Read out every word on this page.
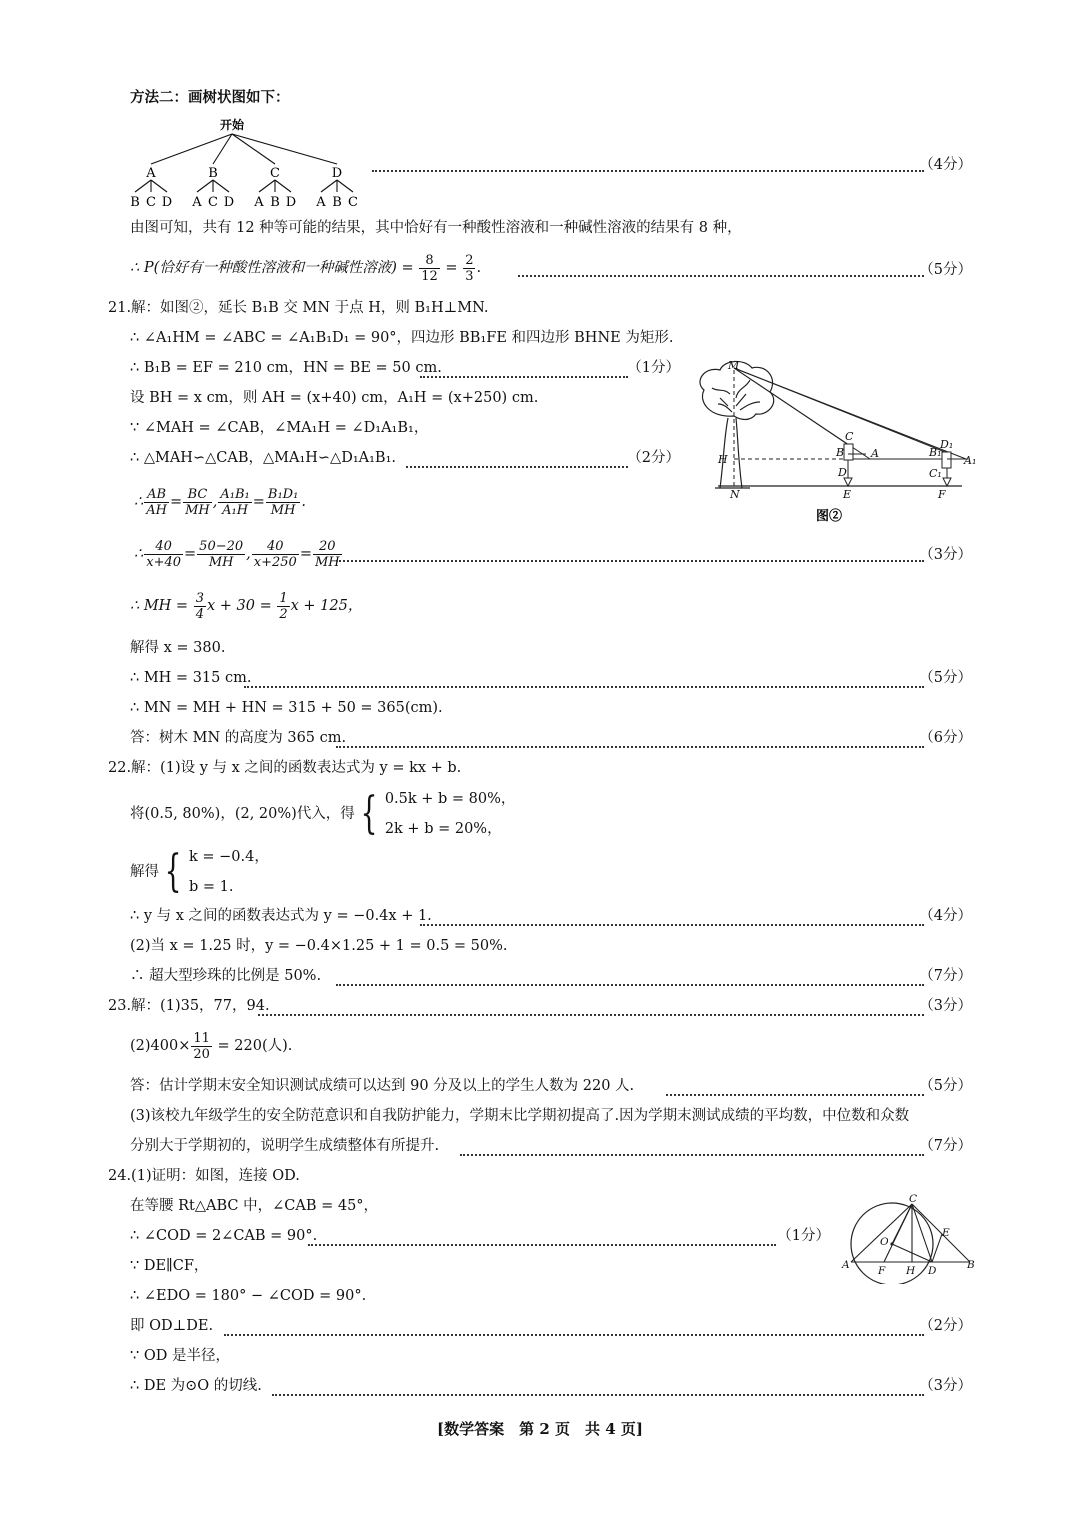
方法二：画树状图如下：
开始
A
B C D
B
A C D
C
A B D
D
A B C
（4分）
由图可知，共有 12 种等可能的结果，其中恰好有一种酸性溶液和一种碱性溶液的结果有 8 种，
∴ P(恰好有一种酸性溶液和一种碱性溶液) = $\frac{8}{12} = \frac{2}{3}$ .	（5分）
21.解：如图②，延长 B₁B 交 MN 于点 H，则 B₁H⊥MN.
∴ ∠A₁HM = ∠ABC = ∠A₁B₁D₁ = 90°，四边形 BB₁FE 和四边形 BHNE 为矩形.
∴ B₁B = EF = 210 cm，HN = BE = 50 cm.	（1分）
设 BH = x cm，则 AH = (x+40) cm，A₁H = (x+250) cm.
∵ ∠MAH = ∠CAB，∠MA₁H = ∠D₁A₁B₁，
∴ △MAH∽△CAB，△MA₁H∽△D₁A₁B₁.	（2分）
∴ $\frac{AB}{AH} = \frac{BC}{MH}$ , $\frac{\text{A₁B₁}}{\text{A₁H}} = \frac{\text{B₁D₁}}{MH}$ .
∴ $\frac{40}{x+40} = \frac{50-20}{MH}$ , $\frac{40}{x+250} = \frac{20}{MH}$	（3分）
∴ MH = $\frac{3}{4}$ $x + 30 = \frac{1}{2}$ x + 125，
解得 x = 380.
∴ MH = 315 cm.	（5分）
∴ MN = MH + HN = 315 + 50 = 365(cm).
答：树木 MN 的高度为 365 cm.	（6分）
M
C
B A
D
H
N	E
D₁
B₁
C₁
A₁
F
图②
22.解：(1)设 y 与 x 之间的函数表达式为 y = kx + b.
将(0.5, 80%)，(2, 20%)代入，得 { 0.5k + b = 80%，
2k + b = 20%，
解得 { k = −0.4，
b = 1.
∴ y 与 x 之间的函数表达式为 y = −0.4x + 1.	（4分）
(2)当 x = 1.25 时，y = −0.4×1.25 + 1 = 0.5 = 50%.
∴ 超大型珍珠的比例是 50%.	（7分）
23.解：(1)35，77，94.	（3分）
$(2)400\times \frac{11}{20} = 220$(人).
答：估计学期末安全知识测试成绩可以达到 90 分及以上的学生人数为 220 人.	（5分）
(3)该校九年级学生的安全防范意识和自我防护能力，学期末比学期初提高了.因为学期末测试成绩的平均数，中位数和众数
分别大于学期初的，说明学生成绩整体有所提升.	（7分）
24.(1)证明：如图，连接 OD.
在等腰 Rt△ABC 中，∠CAB = 45°，
∴ ∠COD = 2∠CAB = 90°.	（1分）
∵ DE∥CF，
∴ ∠EDO = 180° − ∠COD = 90°.
即 OD⊥DE.	（2分）
∵ OD 是半径，
∴ DE 为⊙O 的切线.	（3分）
C
E
O
A	F H D	B
[数学答案　第 2 页　共 4 页]
